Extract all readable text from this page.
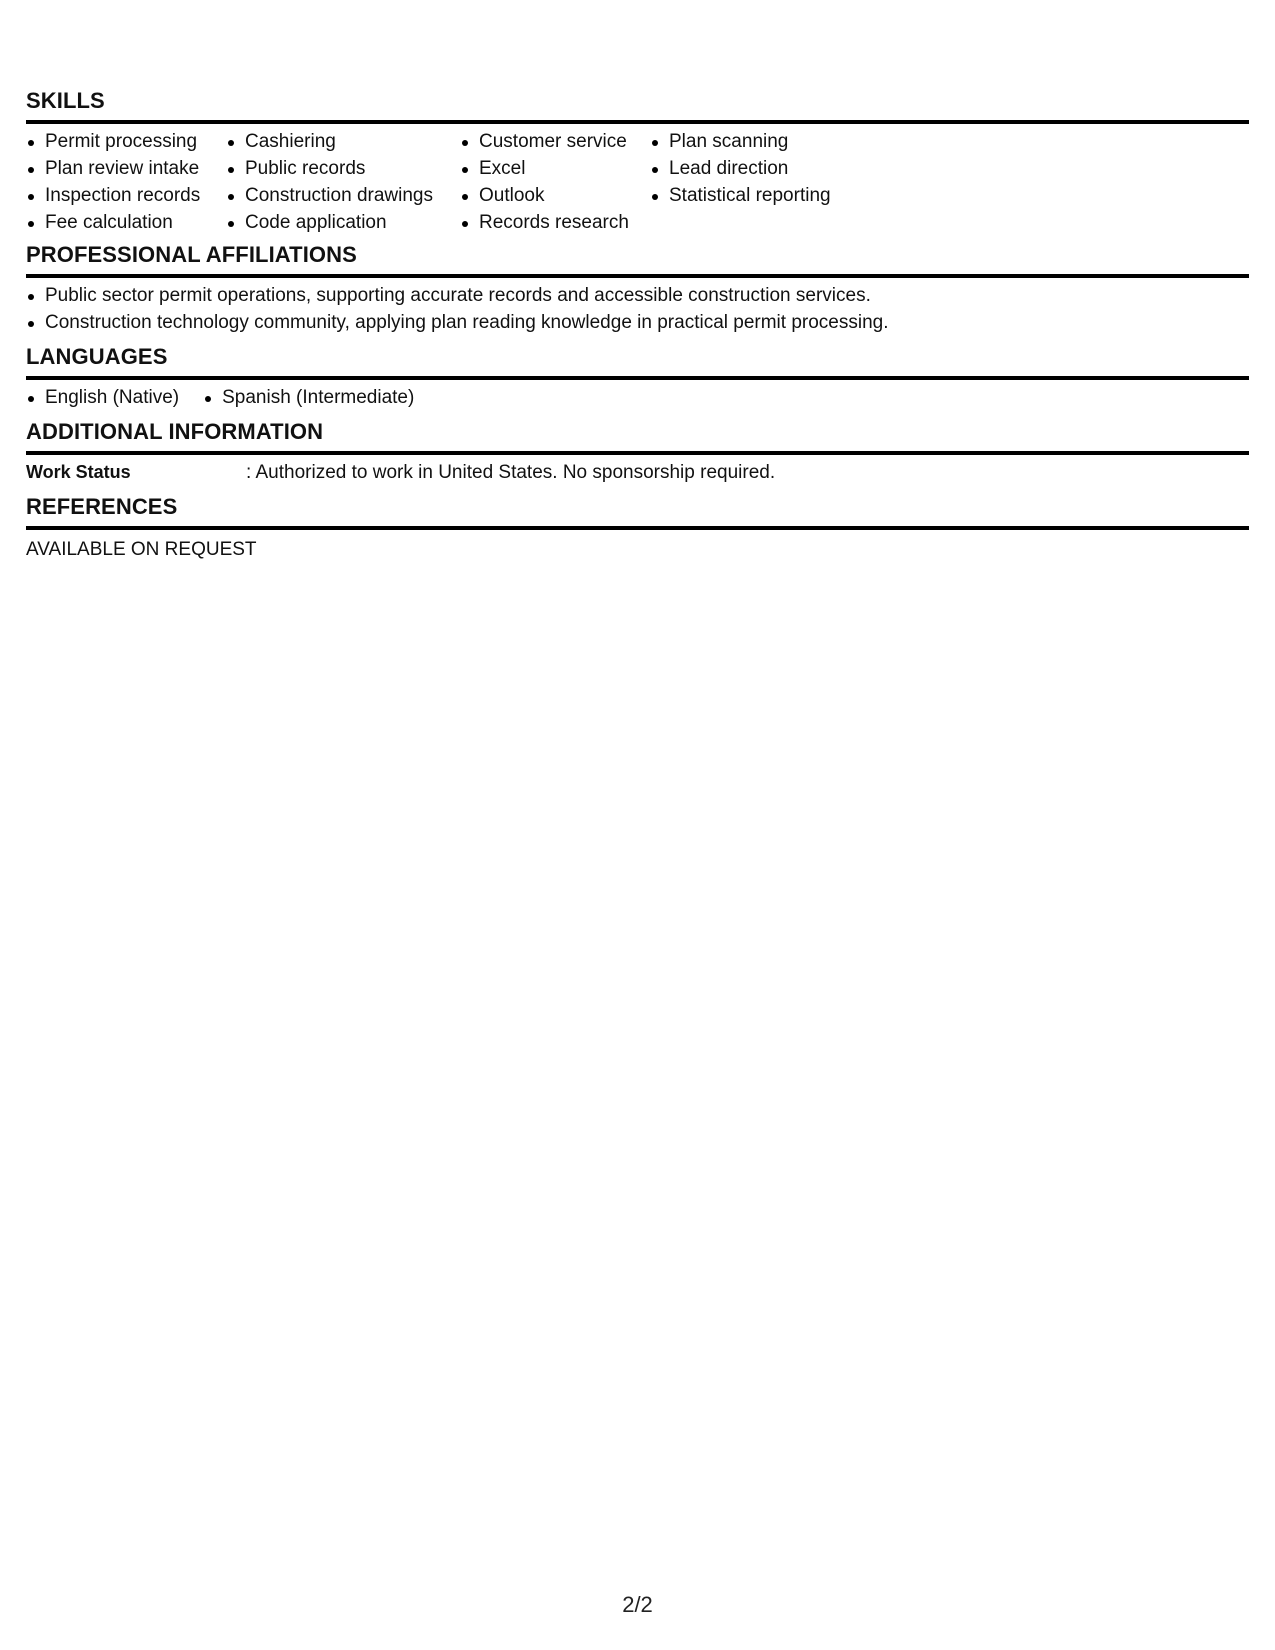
SKILLS
Permit processing
Plan review intake
Inspection records
Fee calculation
Cashiering
Public records
Construction drawings
Code application
Customer service
Excel
Outlook
Records research
Plan scanning
Lead direction
Statistical reporting
PROFESSIONAL AFFILIATIONS
Public sector permit operations, supporting accurate records and accessible construction services.
Construction technology community, applying plan reading knowledge in practical permit processing.
LANGUAGES
English (Native)	Spanish (Intermediate)
ADDITIONAL INFORMATION
Work Status	: Authorized to work in United States. No sponsorship required.
REFERENCES
AVAILABLE ON REQUEST
2/2
